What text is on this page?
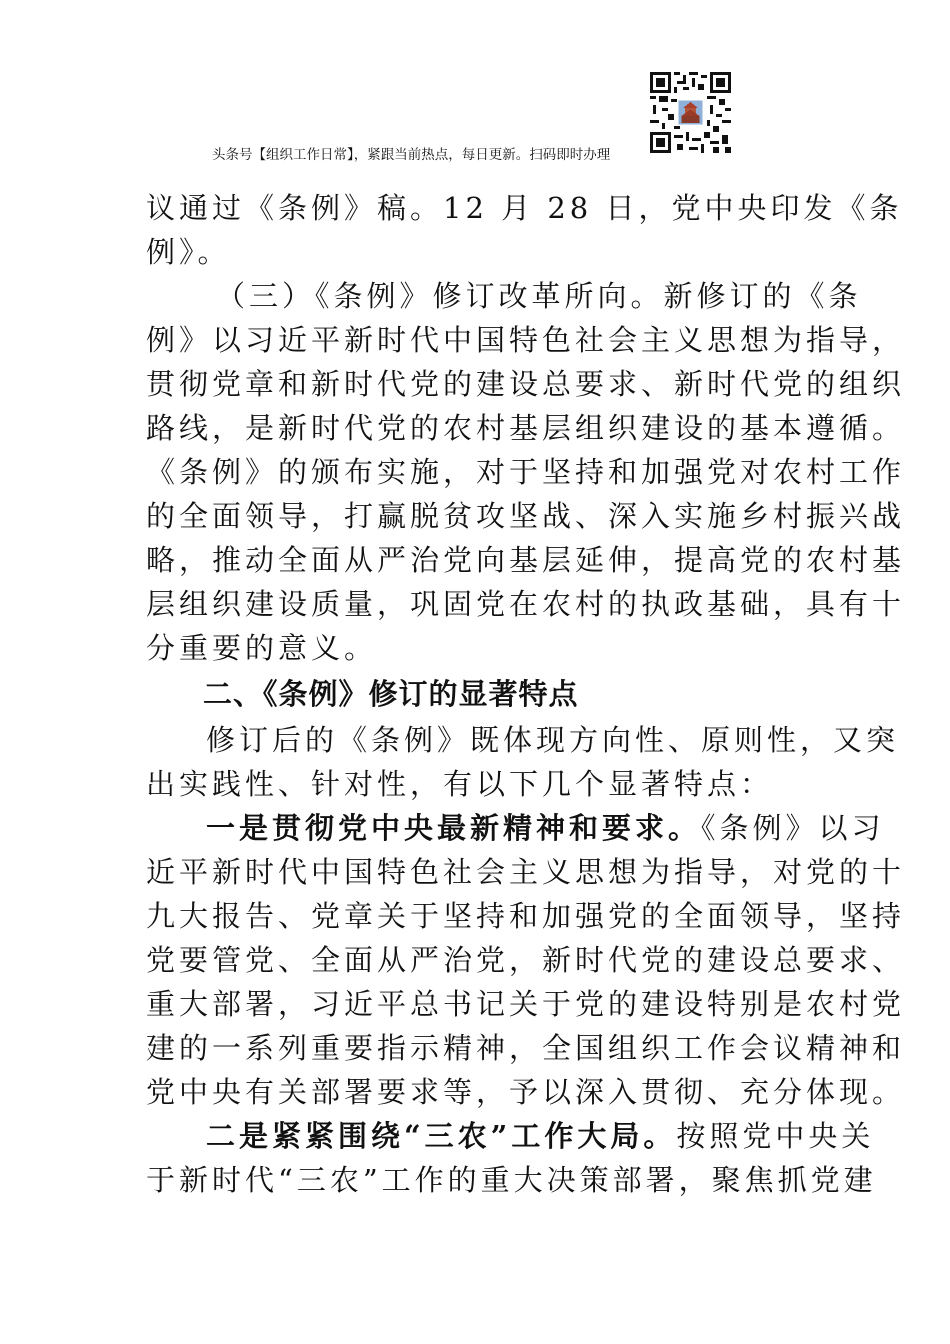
头条号【组织工作日常】，紧跟当前热点，每日更新。扫码即时办理
议通过《条例》稿。12 月 28 日，党中央印发《条
例》。
（三）《条例》修订改革所向。新修订的《条
例》以习近平新时代中国特色社会主义思想为指导，
贯彻党章和新时代党的建设总要求、新时代党的组织
路线，是新时代党的农村基层组织建设的基本遵循。
《条例》的颁布实施，对于坚持和加强党对农村工作
的全面领导，打赢脱贫攻坚战、深入实施乡村振兴战
略，推动全面从严治党向基层延伸，提高党的农村基
层组织建设质量，巩固党在农村的执政基础，具有十
分重要的意义。
二、《条例》修订的显著特点
修订后的《条例》既体现方向性、原则性，又突
出实践性、针对性，有以下几个显著特点：
一是贯彻党中央最新精神和要求。《条例》以习
近平新时代中国特色社会主义思想为指导，对党的十
九大报告、党章关于坚持和加强党的全面领导，坚持
党要管党、全面从严治党，新时代党的建设总要求、
重大部署，习近平总书记关于党的建设特别是农村党
建的一系列重要指示精神，全国组织工作会议精神和
党中央有关部署要求等，予以深入贯彻、充分体现。
二是紧紧围绕“三农”工作大局。按照党中央关
于新时代“三农”工作的重大决策部署，聚焦抓党建
